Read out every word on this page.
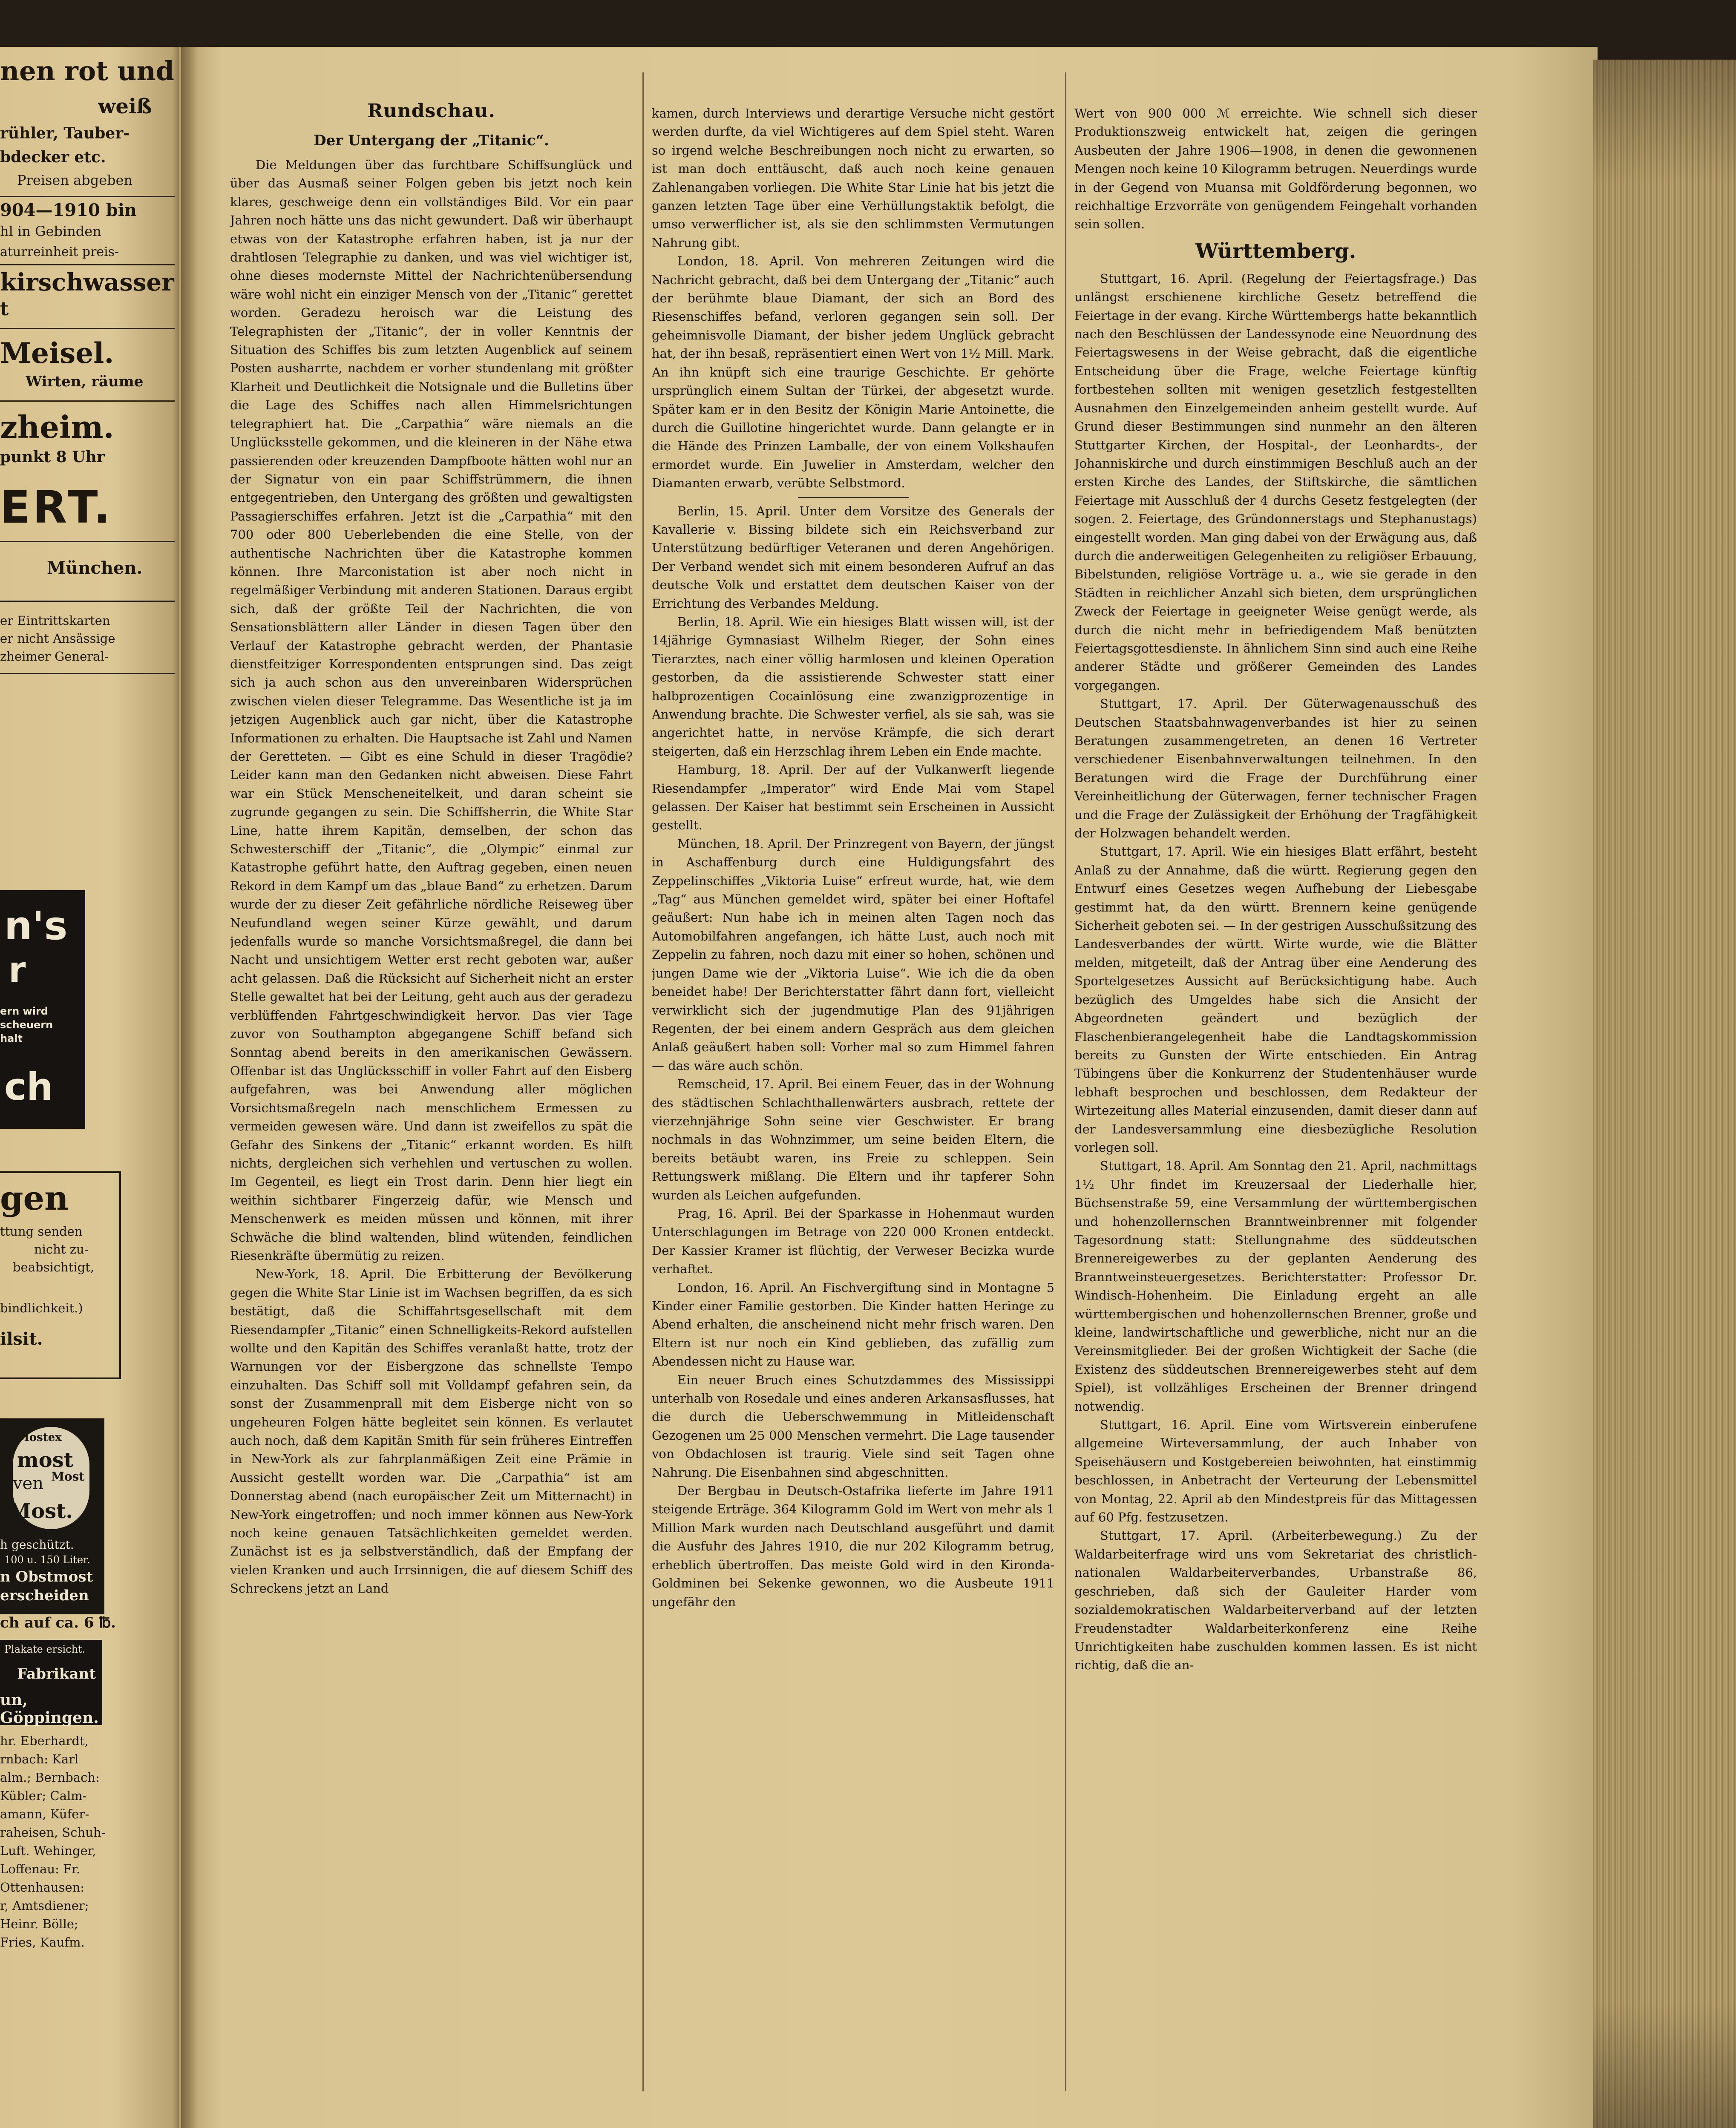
nen rot und
weiß
rühler, Tauber-
bdecker etc.
Preisen abgeben
904—1910 bin
hl in Gebinden
aturreinheit preis-
kirschwasser
t
Meisel.
Wirten, räume
zheim.
punkt 8 Uhr
ERT.
München.
er Eintrittskarten
er nicht Ansässige
zheimer General-
n's
r
ern wird
scheuern
halt
ch
gen
ttung senden
nicht zu-
beabsichtigt,
bindlichkeit.)
ilsit.
Mostex
most
ven Most
Most.
h geschützt.
100 u. 150 Liter.
n Obstmost
erscheiden
ch auf ca. 6 ℔.
Plakate ersicht.
Fabrikant
un, Göppingen.
hr. Eberhardt,
rnbach: Karl
alm.; Bernbach:
Kübler; Calm-
amann, Küfer-
raheisen, Schuh-
Luft. Wehinger,
Loffenau: Fr.
Ottenhausen:
r, Amtsdiener;
Heinr. Bölle;
Fries, Kaufm.

Rundschau.

Der Untergang der „Titanic“.

Die Meldungen über das furchtbare Schiffsunglück und über das Ausmaß seiner Folgen geben bis jetzt noch kein klares, geschweige denn ein vollständiges Bild. Vor ein paar Jahren noch hätte uns das nicht gewundert. Daß wir überhaupt etwas von der Katastrophe erfahren haben, ist ja nur der drahtlosen Telegraphie zu danken, und was viel wichtiger ist, ohne dieses modernste Mittel der Nachrichtenübersendung wäre wohl nicht ein einziger Mensch von der „Titanic“ gerettet worden. Geradezu heroisch war die Leistung des Telegraphisten der „Titanic“, der in voller Kenntnis der Situation des Schiffes bis zum letzten Augenblick auf seinem Posten ausharrte, nachdem er vorher stundenlang mit größter Klarheit und Deutlichkeit die Notsignale und die Bulletins über die Lage des Schiffes nach allen Himmelsrichtungen telegraphiert hat. Die „Carpathia“ wäre niemals an die Unglücksstelle gekommen, und die kleineren in der Nähe etwa passierenden oder kreuzenden Dampfboote hätten wohl nur an der Signatur von ein paar Schiffstrümmern, die ihnen entgegentrieben, den Untergang des größten und gewaltigsten Passagierschiffes erfahren. Jetzt ist die „Carpathia“ mit den 700 oder 800 Ueberlebenden die eine Stelle, von der authentische Nachrichten über die Katastrophe kommen können. Ihre Marconistation ist aber noch nicht in regelmäßiger Verbindung mit anderen Stationen. Daraus ergibt sich, daß der größte Teil der Nachrichten, die von Sensationsblättern aller Länder in diesen Tagen über den Verlauf der Katastrophe gebracht werden, der Phantasie dienstfeitziger Korrespondenten entsprungen sind. Das zeigt sich ja auch schon aus den unvereinbaren Widersprüchen zwischen vielen dieser Telegramme. Das Wesentliche ist ja im jetzigen Augenblick auch gar nicht, über die Katastrophe Informationen zu erhalten. Die Hauptsache ist Zahl und Namen der Geretteten. — Gibt es eine Schuld in dieser Tragödie? Leider kann man den Gedanken nicht abweisen. Diese Fahrt war ein Stück Menscheneitelkeit, und daran scheint sie zugrunde gegangen zu sein. Die Schiffsherrin, die White Star Line, hatte ihrem Kapitän, demselben, der schon das Schwesterschiff der „Titanic“, die „Olympic“ einmal zur Katastrophe geführt hatte, den Auftrag gegeben, einen neuen Rekord in dem Kampf um das „blaue Band“ zu erhetzen. Darum wurde der zu dieser Zeit gefährliche nördliche Reiseweg über Neufundland wegen seiner Kürze gewählt, und darum jedenfalls wurde so manche Vorsichtsmaßregel, die dann bei Nacht und unsichtigem Wetter erst recht geboten war, außer acht gelassen. Daß die Rücksicht auf Sicherheit nicht an erster Stelle gewaltet hat bei der Leitung, geht auch aus der geradezu verblüffenden Fahrtgeschwindigkeit hervor. Das vier Tage zuvor von Southampton abgegangene Schiff befand sich Sonntag abend bereits in den amerikanischen Gewässern. Offenbar ist das Unglücksschiff in voller Fahrt auf den Eisberg aufgefahren, was bei Anwendung aller möglichen Vorsichtsmaßregeln nach menschlichem Ermessen zu vermeiden gewesen wäre. Und dann ist zweifellos zu spät die Gefahr des Sinkens der „Titanic“ erkannt worden. Es hilft nichts, dergleichen sich verhehlen und vertuschen zu wollen. Im Gegenteil, es liegt ein Trost darin. Denn hier liegt ein weithin sichtbarer Fingerzeig dafür, wie Mensch und Menschenwerk es meiden müssen und können, mit ihrer Schwäche die blind waltenden, blind wütenden, feindlichen Riesenkräfte übermütig zu reizen.

New-York, 18. April. Die Erbitterung der Bevölkerung gegen die White Star Linie ist im Wachsen begriffen, da es sich bestätigt, daß die Schiffahrtsgesellschaft mit dem Riesendampfer „Titanic“ einen Schnelligkeits-Rekord aufstellen wollte und den Kapitän des Schiffes veranlaßt hatte, trotz der Warnungen vor der Eisbergzone das schnellste Tempo einzuhalten. Das Schiff soll mit Volldampf gefahren sein, da sonst der Zusammenprall mit dem Eisberge nicht von so ungeheuren Folgen hätte begleitet sein können. Es verlautet auch noch, daß dem Kapitän Smith für sein früheres Eintreffen in New-York als zur fahrplanmäßigen Zeit eine Prämie in Aussicht gestellt worden war. Die „Carpathia“ ist am Donnerstag abend (nach europäischer Zeit um Mitternacht) in New-York eingetroffen; und noch immer können aus New-York noch keine genauen Tatsächlichkeiten gemeldet werden. Zunächst ist es ja selbstverständlich, daß der Empfang der vielen Kranken und auch Irrsinnigen, die auf diesem Schiff des Schreckens jetzt an Land

kamen, durch Interviews und derartige Versuche nicht gestört werden durfte, da viel Wichtigeres auf dem Spiel steht. Waren so irgend welche Beschreibungen noch nicht zu erwarten, so ist man doch enttäuscht, daß auch noch keine genauen Zahlenangaben vorliegen. Die White Star Linie hat bis jetzt die ganzen letzten Tage über eine Verhüllungstaktik befolgt, die umso verwerflicher ist, als sie den schlimmsten Vermutungen Nahrung gibt.

London, 18. April. Von mehreren Zeitungen wird die Nachricht gebracht, daß bei dem Untergang der „Titanic“ auch der berühmte blaue Diamant, der sich an Bord des Riesenschiffes befand, verloren gegangen sein soll. Der geheimnisvolle Diamant, der bisher jedem Unglück gebracht hat, der ihn besaß, repräsentiert einen Wert von 1½ Mill. Mark. An ihn knüpft sich eine traurige Geschichte. Er gehörte ursprünglich einem Sultan der Türkei, der abgesetzt wurde. Später kam er in den Besitz der Königin Marie Antoinette, die durch die Guillotine hingerichtet wurde. Dann gelangte er in die Hände des Prinzen Lamballe, der von einem Volkshaufen ermordet wurde. Ein Juwelier in Amsterdam, welcher den Diamanten erwarb, verübte Selbstmord.

Berlin, 15. April. Unter dem Vorsitze des Generals der Kavallerie v. Bissing bildete sich ein Reichsverband zur Unterstützung bedürftiger Veteranen und deren Angehörigen. Der Verband wendet sich mit einem besonderen Aufruf an das deutsche Volk und erstattet dem deutschen Kaiser von der Errichtung des Verbandes Meldung.

Berlin, 18. April. Wie ein hiesiges Blatt wissen will, ist der 14jährige Gymnasiast Wilhelm Rieger, der Sohn eines Tierarztes, nach einer völlig harmlosen und kleinen Operation gestorben, da die assistierende Schwester statt einer halbprozentigen Cocainlösung eine zwanzigprozentige in Anwendung brachte. Die Schwester verfiel, als sie sah, was sie angerichtet hatte, in nervöse Krämpfe, die sich derart steigerten, daß ein Herzschlag ihrem Leben ein Ende machte.

Hamburg, 18. April. Der auf der Vulkanwerft liegende Riesendampfer „Imperator“ wird Ende Mai vom Stapel gelassen. Der Kaiser hat bestimmt sein Erscheinen in Aussicht gestellt.

München, 18. April. Der Prinzregent von Bayern, der jüngst in Aschaffenburg durch eine Huldigungsfahrt des Zeppelinschiffes „Viktoria Luise“ erfreut wurde, hat, wie dem „Tag“ aus München gemeldet wird, später bei einer Hoftafel geäußert: Nun habe ich in meinen alten Tagen noch das Automobilfahren angefangen, ich hätte Lust, auch noch mit Zeppelin zu fahren, noch dazu mit einer so hohen, schönen und jungen Dame wie der „Viktoria Luise“. Wie ich die da oben beneidet habe! Der Berichterstatter fährt dann fort, vielleicht verwirklicht sich der jugendmutige Plan des 91jährigen Regenten, der bei einem andern Gespräch aus dem gleichen Anlaß geäußert haben soll: Vorher mal so zum Himmel fahren — das wäre auch schön.

Remscheid, 17. April. Bei einem Feuer, das in der Wohnung des städtischen Schlachthallenwärters ausbrach, rettete der vierzehnjährige Sohn seine vier Geschwister. Er brang nochmals in das Wohnzimmer, um seine beiden Eltern, die bereits betäubt waren, ins Freie zu schleppen. Sein Rettungswerk mißlang. Die Eltern und ihr tapferer Sohn wurden als Leichen aufgefunden.

Prag, 16. April. Bei der Sparkasse in Hohenmaut wurden Unterschlagungen im Betrage von 220 000 Kronen entdeckt. Der Kassier Kramer ist flüchtig, der Verweser Becizka wurde verhaftet.

London, 16. April. An Fischvergiftung sind in Montagne 5 Kinder einer Familie gestorben. Die Kinder hatten Heringe zu Abend erhalten, die anscheinend nicht mehr frisch waren. Den Eltern ist nur noch ein Kind geblieben, das zufällig zum Abendessen nicht zu Hause war.

Ein neuer Bruch eines Schutzdammes des Mississippi unterhalb von Rosedale und eines anderen Arkansasflusses, hat die durch die Ueberschwemmung in Mitleidenschaft Gezogenen um 25 000 Menschen vermehrt. Die Lage tausender von Obdachlosen ist traurig. Viele sind seit Tagen ohne Nahrung. Die Eisenbahnen sind abgeschnitten.

Der Bergbau in Deutsch-Ostafrika lieferte im Jahre 1911 steigende Erträge. 364 Kilogramm Gold im Wert von mehr als 1 Million Mark wurden nach Deutschland ausgeführt und damit die Ausfuhr des Jahres 1910, die nur 202 Kilogramm betrug, erheblich übertroffen. Das meiste Gold wird in den Kironda-Goldminen bei Sekenke gewonnen, wo die Ausbeute 1911 ungefähr den

Wert von 900 000 ℳ erreichte. Wie schnell sich dieser Produktionszweig entwickelt hat, zeigen die geringen Ausbeuten der Jahre 1906—1908, in denen die gewonnenen Mengen noch keine 10 Kilogramm betrugen. Neuerdings wurde in der Gegend von Muansa mit Goldförderung begonnen, wo reichhaltige Erzvorräte von genügendem Feingehalt vorhanden sein sollen.

Württemberg.

Stuttgart, 16. April. (Regelung der Feiertagsfrage.) Das unlängst erschienene kirchliche Gesetz betreffend die Feiertage in der evang. Kirche Württembergs hatte bekanntlich nach den Beschlüssen der Landessynode eine Neuordnung des Feiertagswesens in der Weise gebracht, daß die eigentliche Entscheidung über die Frage, welche Feiertage künftig fortbestehen sollten mit wenigen gesetzlich festgestellten Ausnahmen den Einzelgemeinden anheim gestellt wurde. Auf Grund dieser Bestimmungen sind nunmehr an den älteren Stuttgarter Kirchen, der Hospital-, der Leonhardts-, der Johanniskirche und durch einstimmigen Beschluß auch an der ersten Kirche des Landes, der Stiftskirche, die sämtlichen Feiertage mit Ausschluß der 4 durchs Gesetz festgelegten (der sogen. 2. Feiertage, des Gründonnerstags und Stephanustags) eingestellt worden. Man ging dabei von der Erwägung aus, daß durch die anderweitigen Gelegenheiten zu religiöser Erbauung, Bibelstunden, religiöse Vorträge u. a., wie sie gerade in den Städten in reichlicher Anzahl sich bieten, dem ursprünglichen Zweck der Feiertage in geeigneter Weise genügt werde, als durch die nicht mehr in befriedigendem Maß benützten Feiertagsgottesdienste. In ähnlichem Sinn sind auch eine Reihe anderer Städte und größerer Gemeinden des Landes vorgegangen.

Stuttgart, 17. April. Der Güterwagenausschuß des Deutschen Staatsbahnwagenverbandes ist hier zu seinen Beratungen zusammengetreten, an denen 16 Vertreter verschiedener Eisenbahnverwaltungen teilnehmen. In den Beratungen wird die Frage der Durchführung einer Vereinheitlichung der Güterwagen, ferner technischer Fragen und die Frage der Zulässigkeit der Erhöhung der Tragfähigkeit der Holzwagen behandelt werden.

Stuttgart, 17. April. Wie ein hiesiges Blatt erfährt, besteht Anlaß zu der Annahme, daß die württ. Regierung gegen den Entwurf eines Gesetzes wegen Aufhebung der Liebesgabe gestimmt hat, da den württ. Brennern keine genügende Sicherheit geboten sei. — In der gestrigen Ausschußsitzung des Landesverbandes der württ. Wirte wurde, wie die Blätter melden, mitgeteilt, daß der Antrag über eine Aenderung des Sportelgesetzes Aussicht auf Berücksichtigung habe. Auch bezüglich des Umgeldes habe sich die Ansicht der Abgeordneten geändert und bezüglich der Flaschenbierangelegenheit habe die Landtagskommission bereits zu Gunsten der Wirte entschieden. Ein Antrag Tübingens über die Konkurrenz der Studentenhäuser wurde lebhaft besprochen und beschlossen, dem Redakteur der Wirtezeitung alles Material einzusenden, damit dieser dann auf der Landesversammlung eine diesbezügliche Resolution vorlegen soll.

Stuttgart, 18. April. Am Sonntag den 21. April, nachmittags 1½ Uhr findet im Kreuzersaal der Liederhalle hier, Büchsenstraße 59, eine Versammlung der württembergischen und hohenzollernschen Branntweinbrenner mit folgender Tagesordnung statt: Stellungnahme des süddeutschen Brennereigewerbes zu der geplanten Aenderung des Branntweinsteuergesetzes. Berichterstatter: Professor Dr. Windisch-Hohenheim. Die Einladung ergeht an alle württembergischen und hohenzollernschen Brenner, große und kleine, landwirtschaftliche und gewerbliche, nicht nur an die Vereinsmitglieder. Bei der großen Wichtigkeit der Sache (die Existenz des süddeutschen Brennereigewerbes steht auf dem Spiel), ist vollzähliges Erscheinen der Brenner dringend notwendig.

Stuttgart, 16. April. Eine vom Wirtsverein einberufene allgemeine Wirteversammlung, der auch Inhaber von Speisehäusern und Kostgebereien beiwohnten, hat einstimmig beschlossen, in Anbetracht der Verteurung der Lebensmittel von Montag, 22. April ab den Mindestpreis für das Mittagessen auf 60 Pfg. festzusetzen.

Stuttgart, 17. April. (Arbeiterbewegung.) Zu der Waldarbeiterfrage wird uns vom Sekretariat des christlich-nationalen Waldarbeiterverbandes, Urbanstraße 86, geschrieben, daß sich der Gauleiter Harder vom sozialdemokratischen Waldarbeiterverband auf der letzten Freudenstadter Waldarbeiterkonferenz eine Reihe Unrichtigkeiten habe zuschulden kommen lassen. Es ist nicht richtig, daß die an-
